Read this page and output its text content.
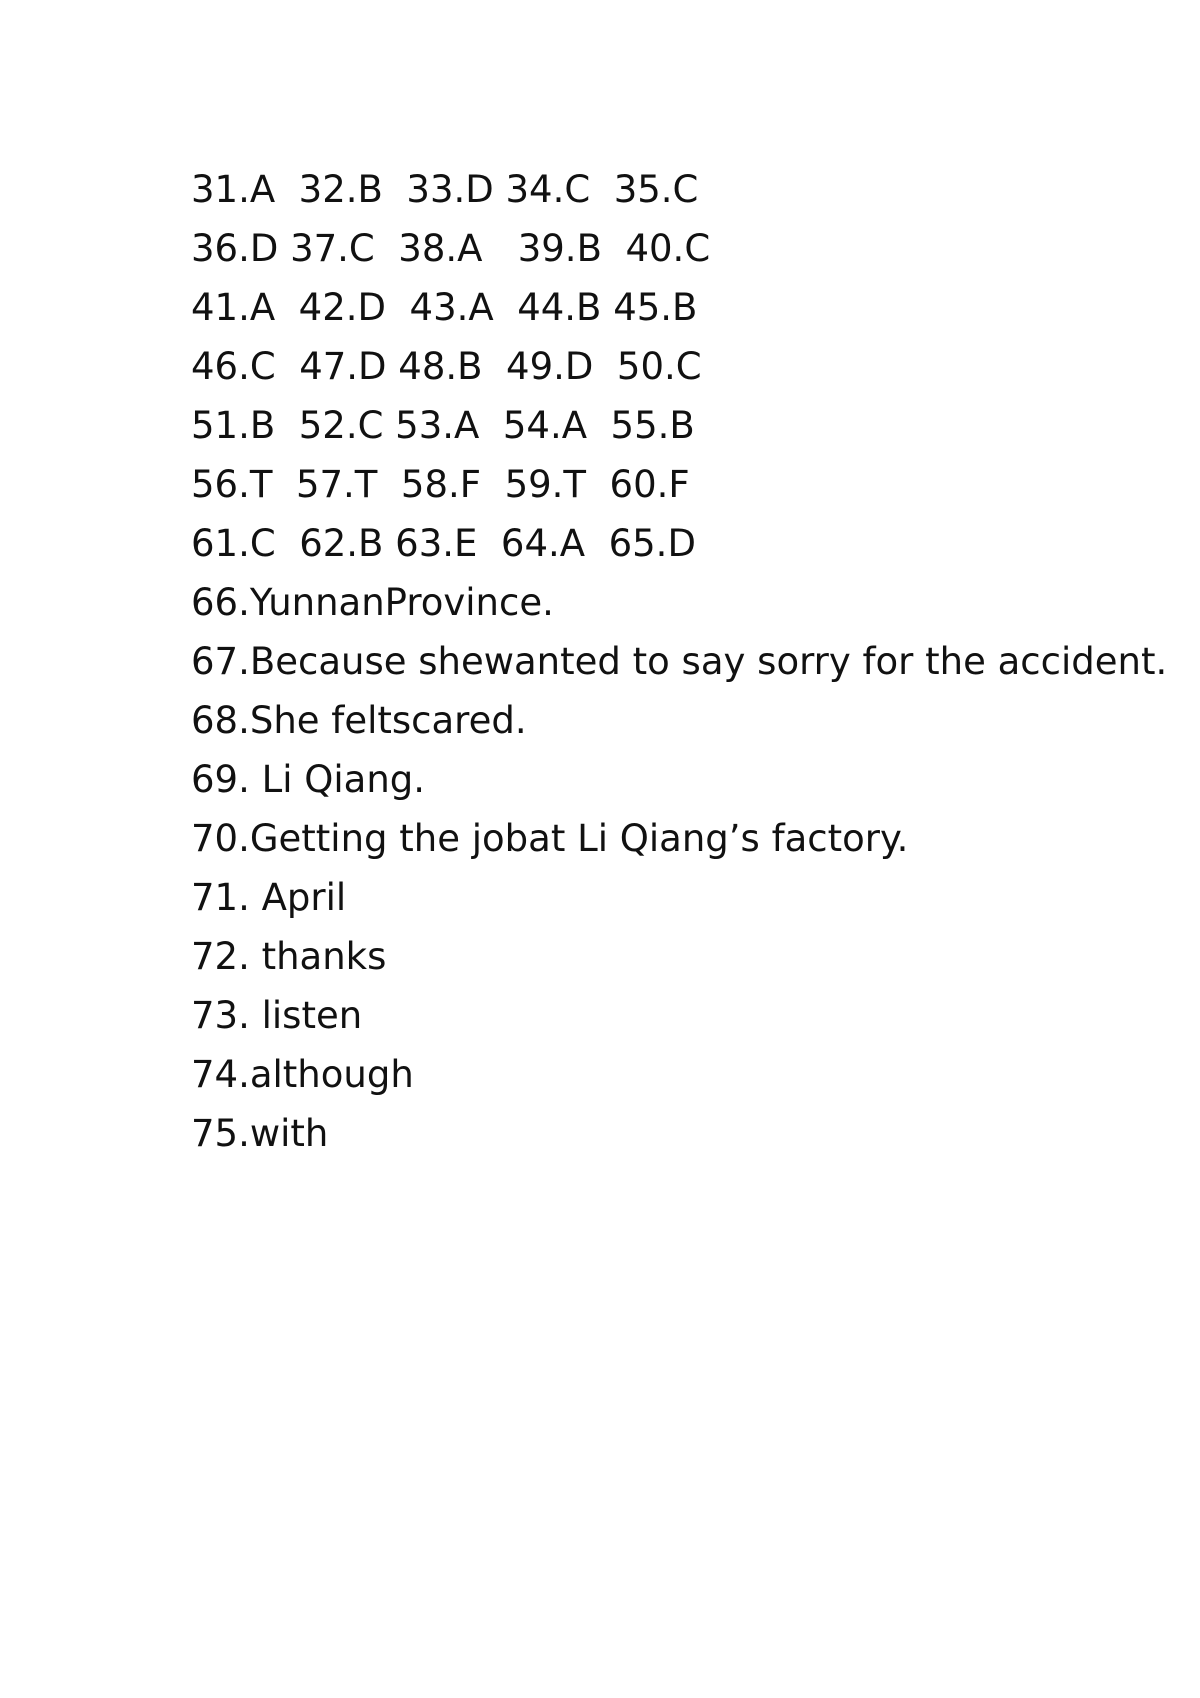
31.A  32.B  33.D 34.C  35.C
36.D 37.C  38.A   39.B  40.C
41.A  42.D  43.A  44.B 45.B
46.C  47.D 48.B  49.D  50.C
51.B  52.C 53.A  54.A  55.B
56.T  57.T  58.F  59.T  60.F
61.C  62.B 63.E  64.A  65.D
66.YunnanProvince.
67.Because shewanted to say sorry for the accident.
68.She feltscared.
69. Li Qiang.
70.Getting the jobat Li Qiang’s factory.
71. April
72. thanks
73. listen
74.although
75.with
